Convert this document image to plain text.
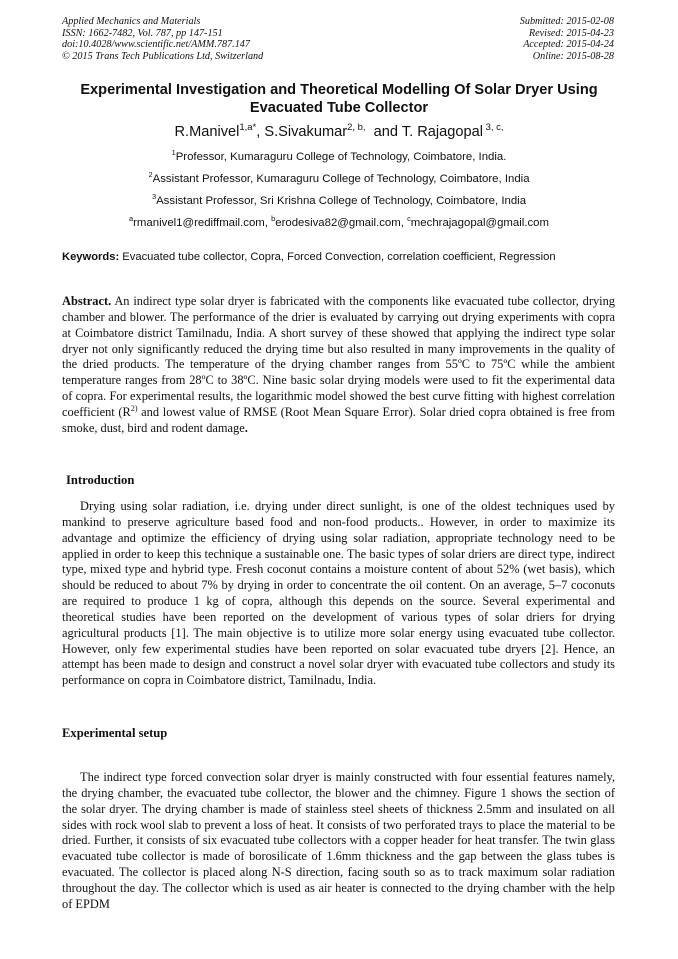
Applied Mechanics and Materials
ISSN: 1662-7482, Vol. 787, pp 147-151
doi:10.4028/www.scientific.net/AMM.787.147
© 2015 Trans Tech Publications Ltd, Switzerland
Submitted: 2015-02-08
Revised: 2015-04-23
Accepted: 2015-04-24
Online: 2015-08-28
Experimental Investigation and Theoretical Modelling Of Solar Dryer Using Evacuated Tube Collector
R.Manivel$^{1,a*}$, S.Sivakumar$^{2, b,}$  and T. Rajagopal $^{3, c,}$
$^1$Professor, Kumaraguru College of Technology, Coimbatore, India.
$^2$Assistant Professor, Kumaraguru College of Technology, Coimbatore, India
$^3$Assistant Professor, Sri Krishna College of Technology, Coimbatore, India
$^a$rmanivel1@rediffmail.com, $^b$erodesiva82@gmail.com, $^c$mechrajagopal@gmail.com
Keywords: Evacuated tube collector, Copra, Forced Convection, correlation coefficient, Regression
Abstract. An indirect type solar dryer is fabricated with the components like evacuated tube collector, drying chamber and blower. The performance of the drier is evaluated by carrying out drying experiments with copra at Coimbatore district Tamilnadu, India. A short survey of these showed that applying the indirect type solar dryer not only significantly reduced the drying time but also resulted in many improvements in the quality of the dried products. The temperature of the drying chamber ranges from 55ºC to 75ºC while the ambient temperature ranges from 28ºC to 38ºC. Nine basic solar drying models were used to fit the experimental data of copra. For experimental results, the logarithmic model showed the best curve fitting with highest correlation coefficient ($R^{2)}$ and lowest value of RMSE (Root Mean Square Error). Solar dried copra obtained is free from smoke, dust, bird and rodent damage.
Introduction
Drying using solar radiation, i.e. drying under direct sunlight, is one of the oldest techniques used by mankind to preserve agriculture based food and non-food products.. However, in order to maximize its advantage and optimize the efficiency of drying using solar radiation, appropriate technology need to be applied in order to keep this technique a sustainable one. The basic types of solar driers are direct type, indirect type, mixed type and hybrid type. Fresh coconut contains a moisture content of about 52% (wet basis), which should be reduced to about 7% by drying in order to concentrate the oil content. On an average, 5–7 coconuts are required to produce 1 kg of copra, although this depends on the source. Several experimental and theoretical studies have been reported on the development of various types of solar driers for drying agricultural products [1]. The main objective is to utilize more solar energy using evacuated tube collector. However, only few experimental studies have been reported on solar evacuated tube dryers [2]. Hence, an attempt has been made to design and construct a novel solar dryer with evacuated tube collectors and study its performance on copra in Coimbatore district, Tamilnadu, India.
Experimental setup
The indirect type forced convection solar dryer is mainly constructed with four essential features namely, the drying chamber, the evacuated tube collector, the blower and the chimney. Figure 1 shows the section of the solar dryer. The drying chamber is made of stainless steel sheets of thickness 2.5mm and insulated on all sides with rock wool slab to prevent a loss of heat. It consists of two perforated trays to place the material to be dried. Further, it consists of six evacuated tube collectors with a copper header for heat transfer. The twin glass evacuated tube collector is made of borosilicate of 1.6mm thickness and the gap between the glass tubes is evacuated. The collector is placed along N-S direction, facing south so as to track maximum solar radiation throughout the day. The collector which is used as air heater is connected to the drying chamber with the help of EPDM
